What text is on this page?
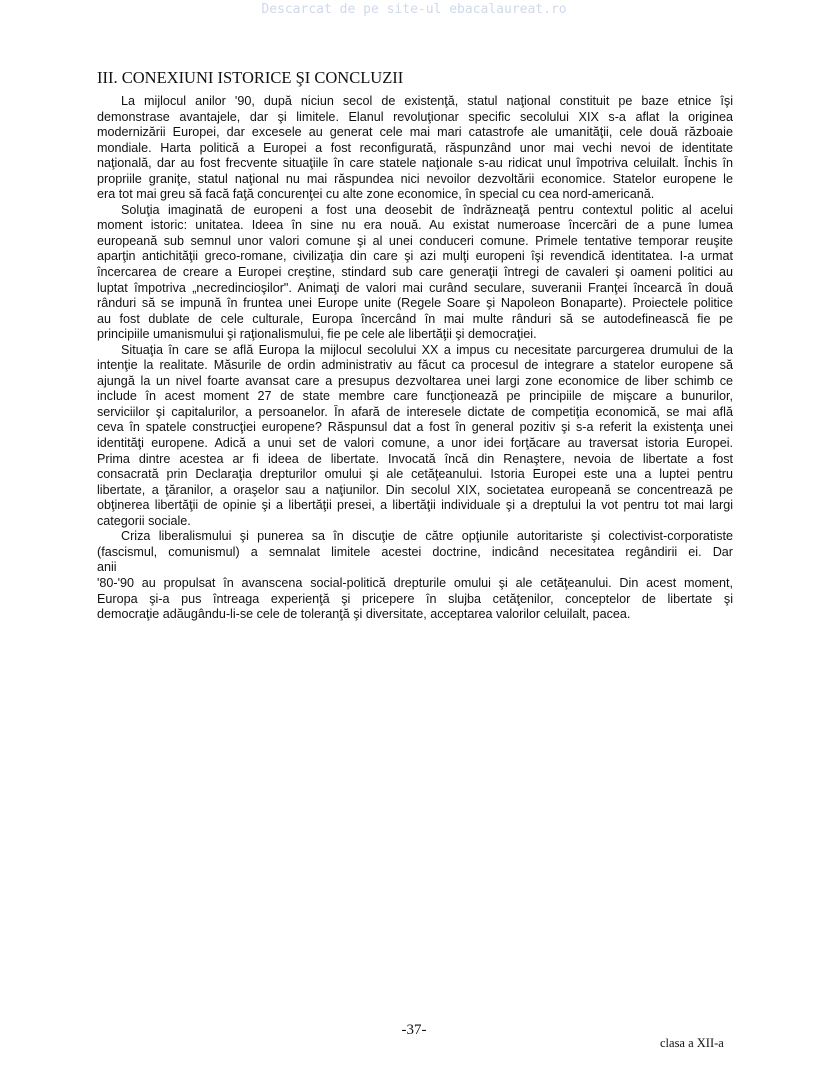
Descarcat de pe site-ul ebacalaureat.ro
III. CONEXIUNI ISTORICE ŞI CONCLUZII
La mijlocul anilor '90, după niciun secol de existenţă, statul naţional constituit pe baze etnice îşi
demonstrase avantajele, dar şi limitele. Elanul revoluţionar specific secolului XIX s-a aflat la originea
modernizării Europei, dar excesele au generat cele mai mari catastrofe ale umanităţii, cele două războaie
mondiale. Harta politică a Europei a fost reconfigurată, răspunzând unor mai vechi nevoi de identitate
naţională, dar au fost frecvente situaţiile în care statele naţionale s-au ridicat unul împotriva celuilalt. Închis în
propriile graniţe, statul naţional nu mai răspundea nici nevoilor dezvoltării economice. Statelor europene le
era tot mai greu să facă faţă concurenţei cu alte zone economice, în special cu cea nord-americană.
Soluţia imaginată de europeni a fost una deosebit de îndrăzneaţă pentru contextul politic al acelui
moment istoric: unitatea. Ideea în sine nu era nouă. Au existat numeroase încercări de a pune lumea
europeană sub semnul unor valori comune şi al unei conduceri comune. Primele tentative temporar reuşite
aparţin antichităţii greco-romane, civilizaţia din care şi azi mulţi europeni îşi revendică identitatea. I-a urmat
încercarea de creare a Europei creştine, stindard sub care generaţii întregi de cavaleri şi oameni politici au
luptat împotriva „necredincioşilor". Animaţi de valori mai curând seculare, suveranii Franţei încearcă în două
rânduri să se impună în fruntea unei Europe unite (Regele Soare şi Napoleon Bonaparte). Proiectele politice
au fost dublate de cele culturale, Europa încercând în mai multe rânduri să se autodefinească fie pe
principiile umanismului şi raţionalismului, fie pe cele ale libertăţii şi democraţiei.
Situaţia în care se află Europa la mijlocul secolului XX a impus cu necesitate parcurgerea drumului de la
intenţie la realitate. Măsurile de ordin administrativ au făcut ca procesul de integrare a statelor europene să
ajungă la un nivel foarte avansat care a presupus dezvoltarea unei largi zone economice de liber schimb ce
include în acest moment 27 de state membre care funcţionează pe principiile de mişcare a bunurilor,
serviciilor şi capitalurilor, a persoanelor. În afară de interesele dictate de competiţia economică, se mai află
ceva în spatele construcţiei europene? Răspunsul dat a fost în general pozitiv şi s-a referit la existenţa unei
identităţi europene. Adică a unui set de valori comune, a unor idei forţăcare au traversat istoria Europei.
Prima dintre acestea ar fi ideea de libertate. Invocată încă din Renaştere, nevoia de libertate a fost
consacrată prin Declaraţia drepturilor omului şi ale cetăţeanului. Istoria Europei este una a luptei pentru
libertate, a ţăranilor, a oraşelor sau a naţiunilor. Din secolul XIX, societatea europeană se concentrează pe
obţinerea libertăţii de opinie şi a libertăţii presei, a libertăţii individuale şi a dreptului la vot pentru tot mai largi
categorii sociale.
Criza liberalismului şi punerea sa în discuţie de către opţiunile autoritariste şi colectivist-corporatiste
(fascismul, comunismul) a semnalat limitele acestei doctrine, indicând necesitatea regândirii ei. Dar
anii
'80-'90 au propulsat în avanscena social-politică drepturile omului şi ale cetăţeanului. Din acest moment,
Europa şi-a pus întreaga experienţă şi pricepere în slujba cetăţenilor, conceptelor de libertate şi
democraţie adăugându-li-se cele de toleranţă şi diversitate, acceptarea valorilor celuilalt, pacea.
-37-
clasa a XII-a
